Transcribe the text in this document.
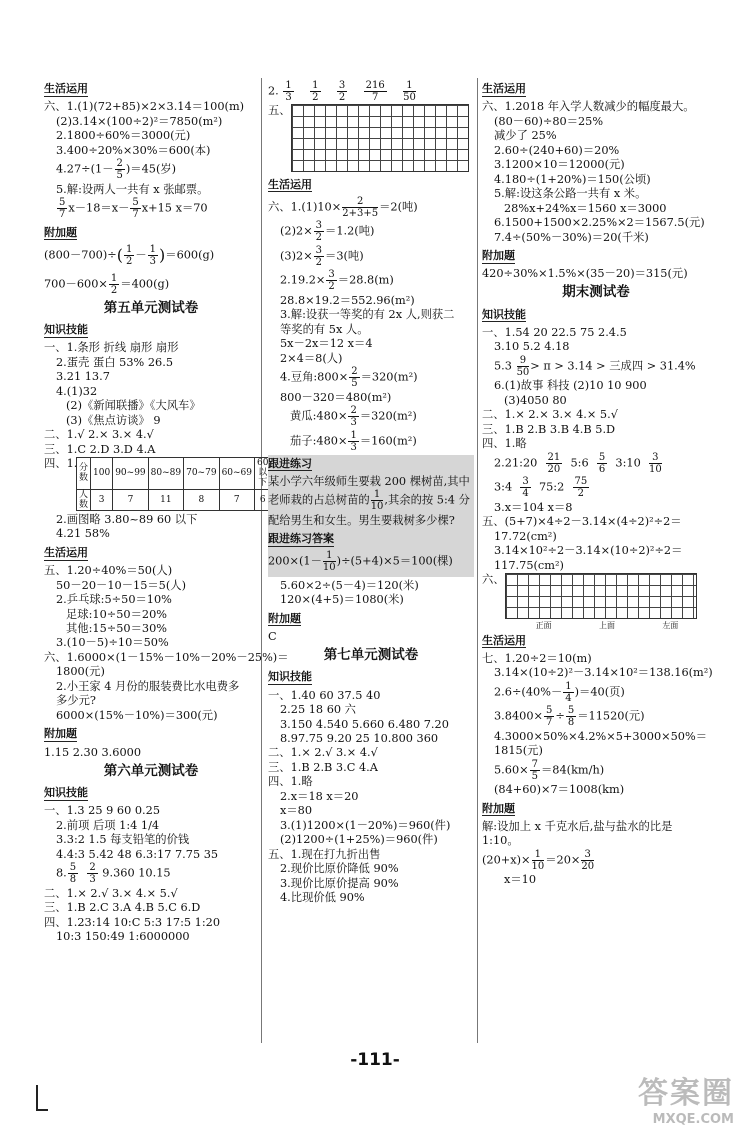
生活运用
六、1.(1)(72+85)×2×3.14＝100(m)
(2)3.14×(100÷2)²＝7850(m²)
2.1800÷60%＝3000(元)
3.400÷20%×30%＝600(本)
$4.27\div(1- \frac{2}{5} )=45$(岁)
5.解:设两人一共有 x 张邮票。
$\frac{5}{7} x-18=x- \frac{5}{7} x+15$ x＝70
附加题
$(800-700)\div( \frac{1}{2} - \frac{1}{3} )=600(g)$
$700-600\times \frac{1}{2} =400(g)$
第五单元测试卷
知识技能
一、1.条形 折线 扇形 扇形
2.蛋壳 蛋白 53% 26.5
3.21 13.7
4.(1)32
(2)《新闻联播》《大风车》
(3)《焦点访谈》 9
二、1.√ 2.× 3.× 4.√
三、1.C 2.D 3.D 4.A
四、1. 分数	100	90~99	80~89	70~79	60~69	60以下
人数	3	7	11	8	7	6
2.画图略 3.80~89 60 以下
4.21 58%
生活运用
五、1.20÷40%＝50(人)
50－20－10－15＝5(人)
2.乒乓球:5÷50＝10%
足球:10÷50＝20%
其他:15÷50＝30%
3.(10－5)÷10＝50%
六、1.6000×(1－15%－10%－20%－25%)＝
1800(元)
2.小王家 4 月份的服装费比水电费多
多少元?
6000×(15%－10%)＝300(元)
附加题
1.15 2.30 3.6000
第六单元测试卷
知识技能
一、1.3 25 9 60 0.25
2.前项 后项 1:4 1/4
3.3:2 1.5 每支铅笔的价钱
4.4:3 5.42 48 6.3:17 7.75 35
8. $\frac{5}{8}$
$\frac{2}{3} 9.360$ 10.15
二、1.× 2.√ 3.× 4.× 5.√
三、1.B 2.C 3.A 4.B 5.C 6.D
四、1.23:14 10:C 5:3 17:5 1:20
10:3 150:49 1:6000000
2. $\frac{1}{3}$
$\frac{1}{2}$
$\frac{3}{2}$
$\frac{216}{7}$
$\frac{1}{50}$
五、
生活运用
六、$1.(1)10\times \frac{2}{2+3+5} =2$(吨)
$(2)2\times \frac{3}{2} =1.2$(吨)
$(3)2\times \frac{3}{2} =3$(吨)
$2.19.2\times \frac{3}{2} =28.8(m)$
28.8×19.2＝552.96(m²)
3.解:设获一等奖的有 2x 人,则获二
等奖的有 5x 人。
5x－2x＝12 x＝4
2×4＝8(人)
4.豆角:800× $\frac{2}{5} =320(m^2)$
800－320＝480(m²)
黄瓜:480× $\frac{2}{3} =320(m^2)$
茄子:480× $\frac{1}{3} =160(m^2)$
跟进练习
某小学六年级师生要栽 200 棵树苗,其中
老师栽的占总树苗的 $\frac{1}{10}$ ,其余的按 5:4 分
配给男生和女生。男生要栽树多少棵?
跟进练习答案
$200\times(1- \frac{1}{10} )\div(5+4)\times 5=100$(棵)
5.60×2÷(5－4)＝120(米)
120×(4+5)＝1080(米)
附加题
C
第七单元测试卷
知识技能
一、1.40 60 37.5 40
2.25 18 60 六
3.150 4.540 5.660 6.480 7.20
8.97.75 9.20 25 10.800 360
二、1.× 2.√ 3.× 4.√
三、1.B 2.B 3.C 4.A
四、1.略
2.x＝18 x＝20
x＝80
3.(1)1200×(1－20%)＝960(件)
(2)1200÷(1+25%)＝960(件)
五、1.现在打九折出售
2.现价比原价降低 90%
3.现价比原价提高 90%
4.比现价低 90%
生活运用
六、1.2018 年入学人数减少的幅度最大。
(80－60)÷80＝25%
减少了 25%
2.60÷(240+60)＝20%
3.1200×10＝12000(元)
4.180÷(1+20%)＝150(公顷)
5.解:设这条公路一共有 x 米。
28%x+24%x＝1560 x＝3000
6.1500+1500×2.25%×2＝1567.5(元)
7.4÷(50%－30%)＝20(千米)
附加题
420÷30%×1.5%×(35－20)＝315(元)
期末测试卷
知识技能
一、1.54 20 22.5 75 2.4.5
3.10 5.2 4.18
$5.3 \frac{9}{50} > \pi > 3.14$ > 三成四 > 31.4%
6.(1)故事 科技 (2)10 10 900
(3)4050 80
二、1.× 2.× 3.× 4.× 5.√
三、1.B 2.B 3.B 4.B 5.D
四、1.略
2.21:20 $\frac{21}{20}$ 5:6 $\frac{5}{6}$ 3:10 $\frac{3}{10}$
3:4 $\frac{3}{4}$ 75:2 $\frac{75}{2}$
3.x＝104 x＝8
五、(5+7)×4÷2－3.14×(4÷2)²÷2＝
17.72(cm²)
3.14×10²÷2－3.14×(10÷2)²÷2＝
117.75(cm²)
六、
正面	上面	左面
生活运用
七、1.20÷2＝10(m)
3.14×(10÷2)²－3.14×10²＝138.16(m²)
$2.6\div(40\%- \frac{1}{4} )=40$(页)
$3.8400\times \frac{5}{7} \div \frac{5}{8} =11520$(元)
4.3000×50%×4.2%×5+3000×50%＝
1815(元)
$5.60\times \frac{7}{5} =84(km/h)$
(84+60)×7＝1008(km)
附加题
解:设加上 x 千克水后,盐与盐水的比是
1:10。
$(20+x)\times \frac{1}{10} =20\times \frac{3}{20}$
x＝10
-111-
答案圈
MXQE.COM
